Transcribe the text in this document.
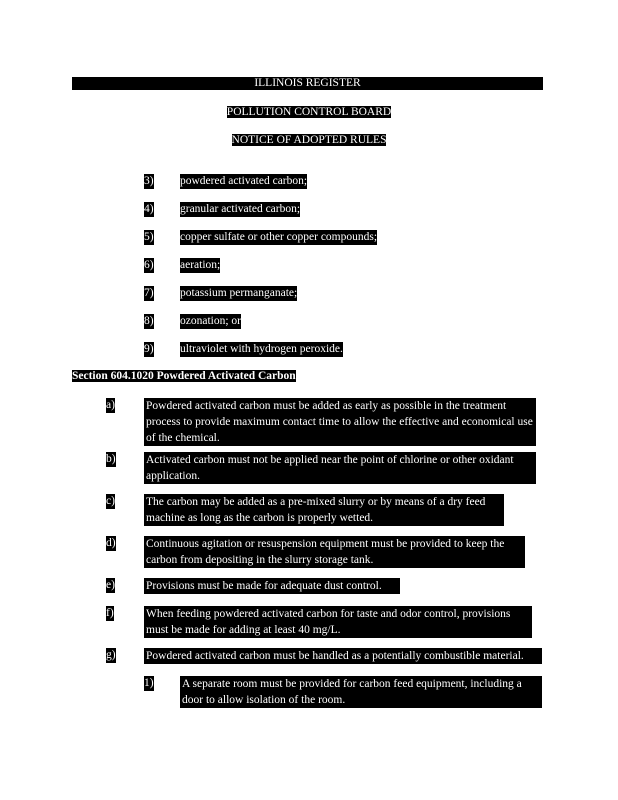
ILLINOIS REGISTER
POLLUTION CONTROL BOARD
NOTICE OF ADOPTED RULES
3) powdered activated carbon;
4) granular activated carbon;
5) copper sulfate or other copper compounds;
6) aeration;
7) potassium permanganate;
8) ozonation; or
9) ultraviolet with hydrogen peroxide.
Section 604.1020 Powdered Activated Carbon
a)	Powdered activated carbon must be added as early as possible in the treatment process to provide maximum contact time to allow the effective and economical use of the chemical.
b)	Activated carbon must not be applied near the point of chlorine or other oxidant application.
c)	The carbon may be added as a pre-mixed slurry or by means of a dry feed machine as long as the carbon is properly wetted.
d)	Continuous agitation or resuspension equipment must be provided to keep the carbon from depositing in the slurry storage tank.
e)	Provisions must be made for adequate dust control.
f)	When feeding powdered activated carbon for taste and odor control, provisions must be made for adding at least 40 mg/L.
g)	Powdered activated carbon must be handled as a potentially combustible material.
1) A separate room must be provided for carbon feed equipment, including a door to allow isolation of the room.
